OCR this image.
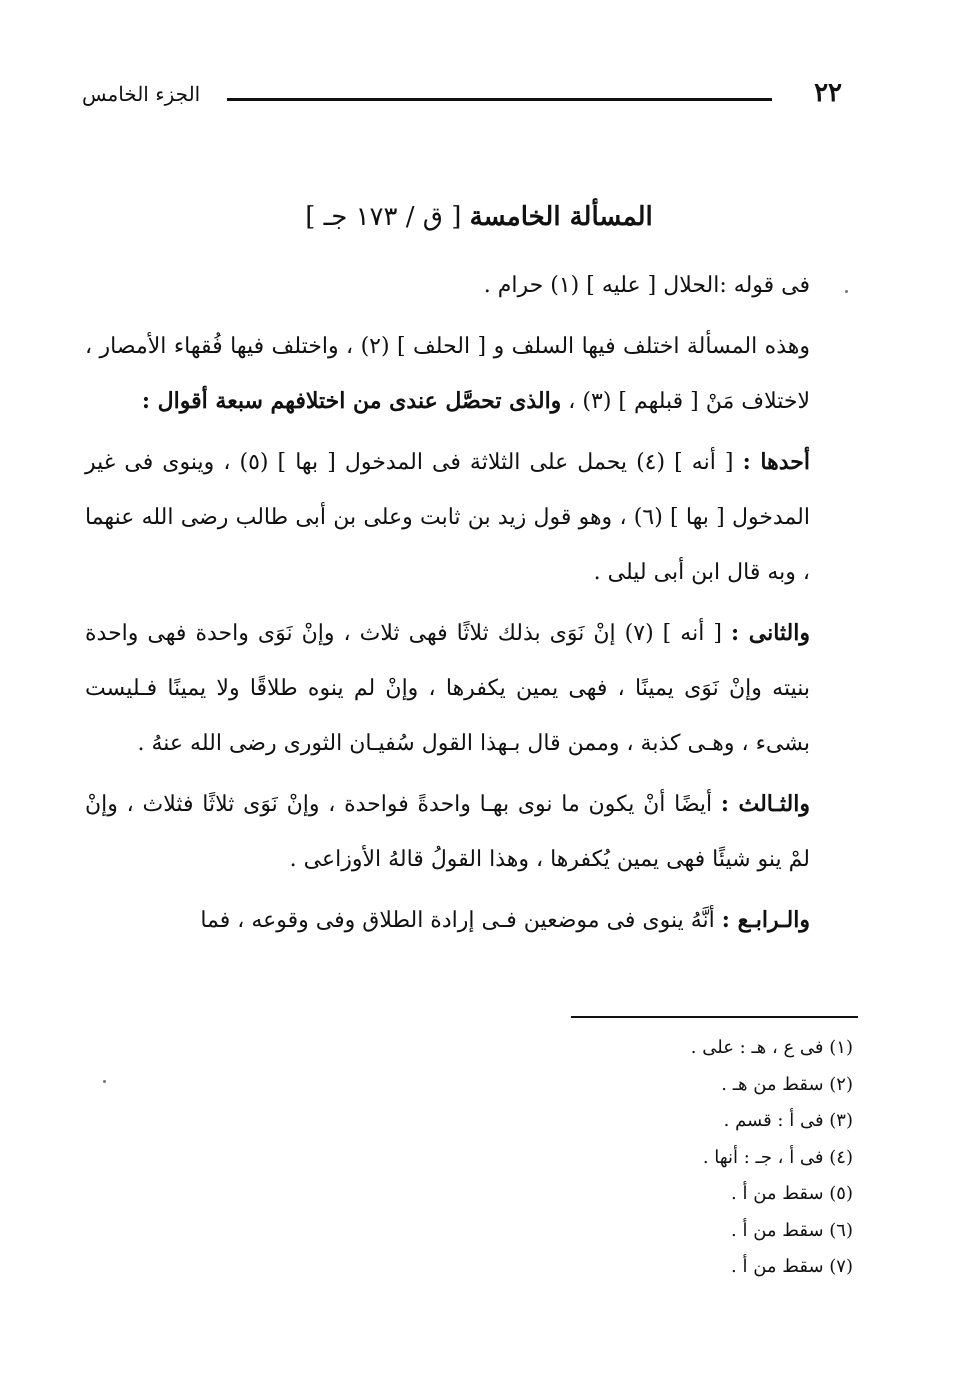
٢٢
الجزء الخامس
المسألة الخامسة [ ق / ١٧٣ جـ ]

فى قوله :الحلال [ عليه ] (١) حرام .

وهذه المسألة اختلف فيها السلف و [ الحلف ] (٢) ، واختلف فيها فُقهاء الأمصار ، لاختلاف مَنْ [ قبلهم ] (٣) ، والذى تحصَّل عندى من اختلافهم سبعة أقوال :

أحدها : [ أنه ] (٤) يحمل على الثلاثة فى المدخول [ بها ] (٥) ، وينوى فى غير المدخول [ بها ] (٦) ، وهو قول زيد بن ثابت وعلى بن أبى طالب رضى الله عنهما ، وبه قال ابن أبى ليلى .

والثانى : [ أنه ] (٧) إنْ نَوَى بذلك ثلاثًا فهى ثلاث ، وإنْ نَوَى واحدة فهى واحدة بنيته وإنْ نَوَى يمينًا ، فهى يمين يكفرها ، وإنْ لم ينوه طلاقًا ولا يمينًا فـليست بشىء ، وهـى كذبة ، وممن قال بـهذا القول سُفيـان الثورى رضى الله عنهُ .

والثـالث : أيضًا أنْ يكون ما نوى بهـا واحدةً فواحدة ، وإنْ نَوَى ثلاثًا فثلاث ، وإنْ لمْ ينو شيئًا فهى يمين يُكفرها ، وهذا القولُ قالهُ الأوزاعى .

والـرابـع : أنَّهُ ينوى فى موضعين فـى إرادة الطلاق وفى وقوعه ، فما

(١) فى ع ، هـ : على .
(٢) سقط من هـ .
(٣) فى أ : قسم .
(٤) فى أ ، جـ : أنها .
(٥) سقط من أ .
(٦) سقط من أ .
(٧) سقط من أ .
